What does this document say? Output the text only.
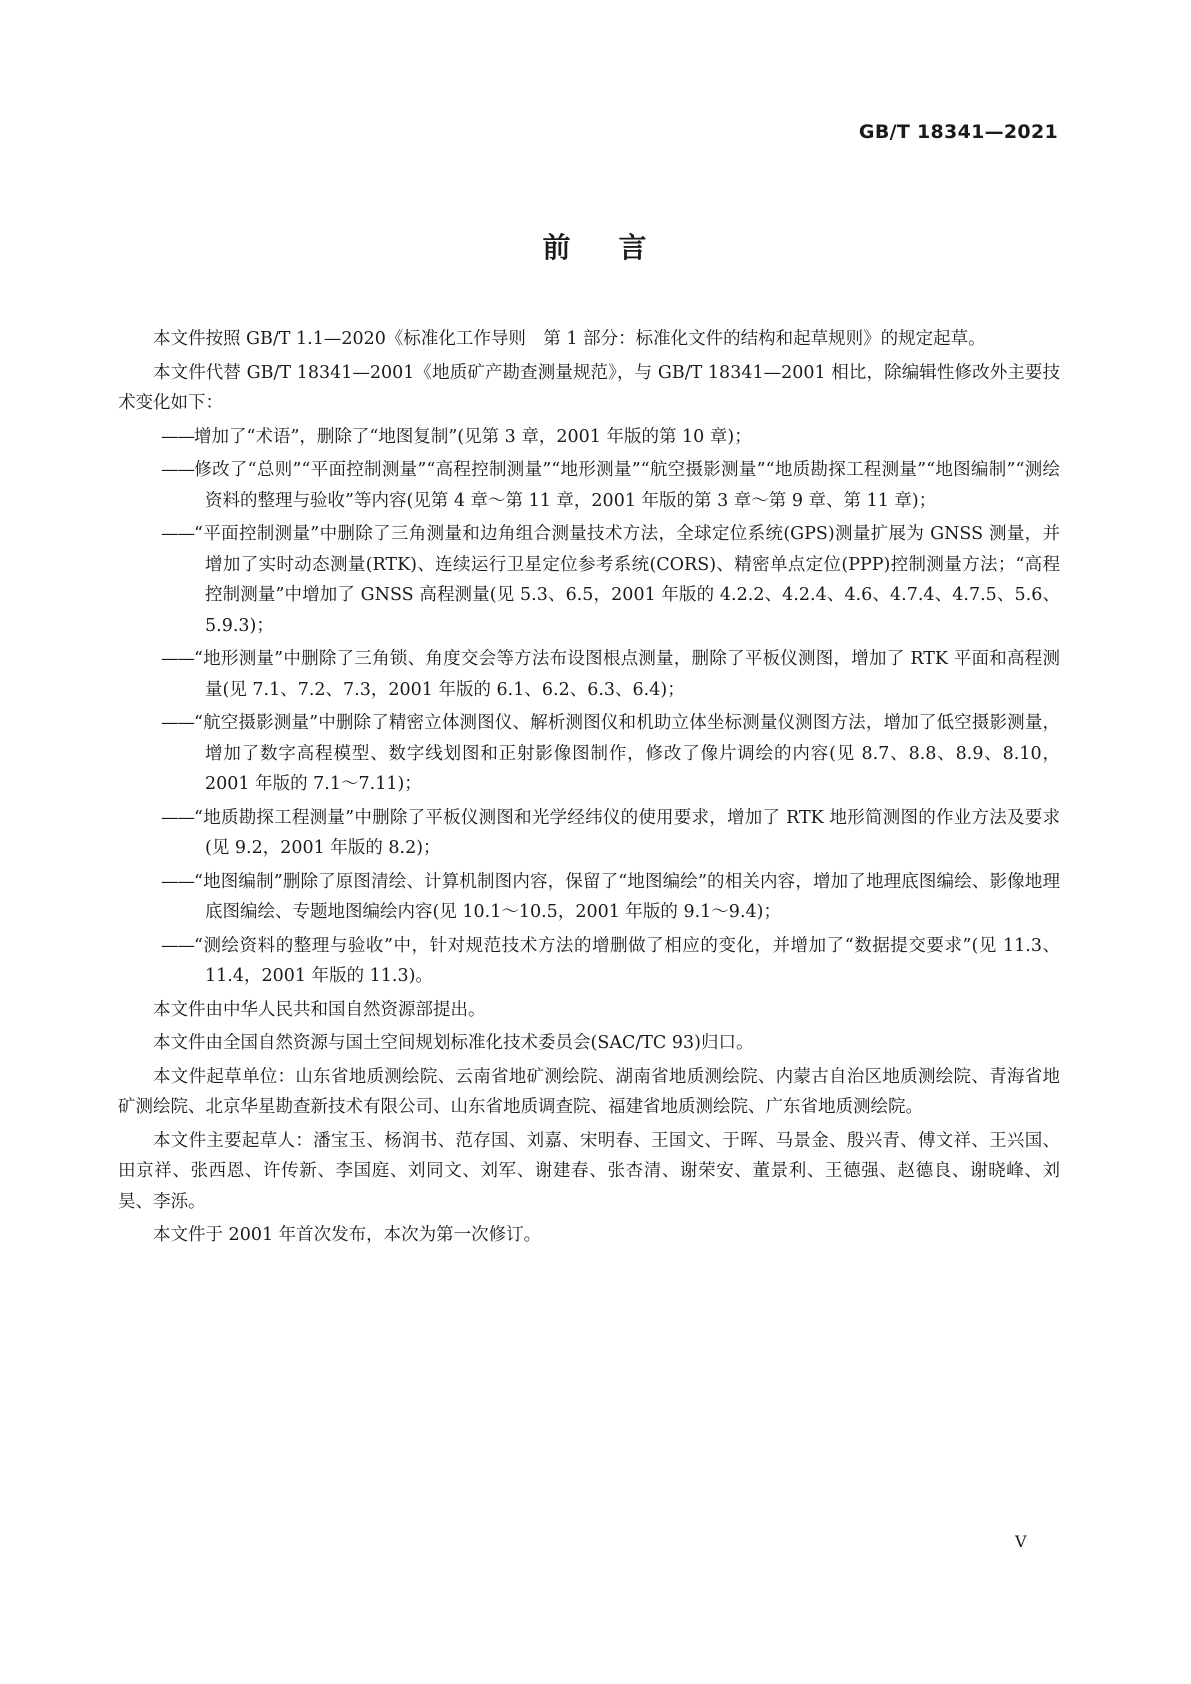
GB/T 18341—2021
前 言

本文件按照 GB/T 1.1—2020《标准化工作导则　第 1 部分：标准化文件的结构和起草规则》的规定起草。

本文件代替 GB/T 18341—2001《地质矿产勘查测量规范》，与 GB/T 18341—2001 相比，除编辑性修改外主要技术变化如下：

——增加了“术语”，删除了“地图复制”(见第 3 章，2001 年版的第 10 章)；

——修改了“总则”“平面控制测量”“高程控制测量”“地形测量”“航空摄影测量”“地质勘探工程测量”“地图编制”“测绘资料的整理与验收”等内容(见第 4 章～第 11 章，2001 年版的第 3 章～第 9 章、第 11 章)；

——“平面控制测量”中删除了三角测量和边角组合测量技术方法，全球定位系统(GPS)测量扩展为 GNSS 测量，并增加了实时动态测量(RTK)、连续运行卫星定位参考系统(CORS)、精密单点定位(PPP)控制测量方法；“高程控制测量”中增加了 GNSS 高程测量(见 5.3、6.5，2001 年版的 4.2.2、4.2.4、4.6、4.7.4、4.7.5、5.6、5.9.3)；

——“地形测量”中删除了三角锁、角度交会等方法布设图根点测量，删除了平板仪测图，增加了 RTK 平面和高程测量(见 7.1、7.2、7.3，2001 年版的 6.1、6.2、6.3、6.4)；

——“航空摄影测量”中删除了精密立体测图仪、解析测图仪和机助立体坐标测量仪测图方法，增加了低空摄影测量，增加了数字高程模型、数字线划图和正射影像图制作，修改了像片调绘的内容(见 8.7、8.8、8.9、8.10，2001 年版的 7.1～7.11)；

——“地质勘探工程测量”中删除了平板仪测图和光学经纬仪的使用要求，增加了 RTK 地形简测图的作业方法及要求(见 9.2，2001 年版的 8.2)；

——“地图编制”删除了原图清绘、计算机制图内容，保留了“地图编绘”的相关内容，增加了地理底图编绘、影像地理底图编绘、专题地图编绘内容(见 10.1～10.5，2001 年版的 9.1～9.4)；

——“测绘资料的整理与验收”中，针对规范技术方法的增删做了相应的变化，并增加了“数据提交要求”(见 11.3、11.4，2001 年版的 11.3)。

本文件由中华人民共和国自然资源部提出。

本文件由全国自然资源与国土空间规划标准化技术委员会(SAC/TC 93)归口。

本文件起草单位：山东省地质测绘院、云南省地矿测绘院、湖南省地质测绘院、内蒙古自治区地质测绘院、青海省地矿测绘院、北京华星勘查新技术有限公司、山东省地质调查院、福建省地质测绘院、广东省地质测绘院。

本文件主要起草人：潘宝玉、杨润书、范存国、刘嘉、宋明春、王国文、于晖、马景金、殷兴青、傅文祥、王兴国、田京祥、张西恩、许传新、李国庭、刘同文、刘军、谢建春、张杏清、谢荣安、董景利、王德强、赵德良、谢晓峰、刘昊、李泺。

本文件于 2001 年首次发布，本次为第一次修订。

V
